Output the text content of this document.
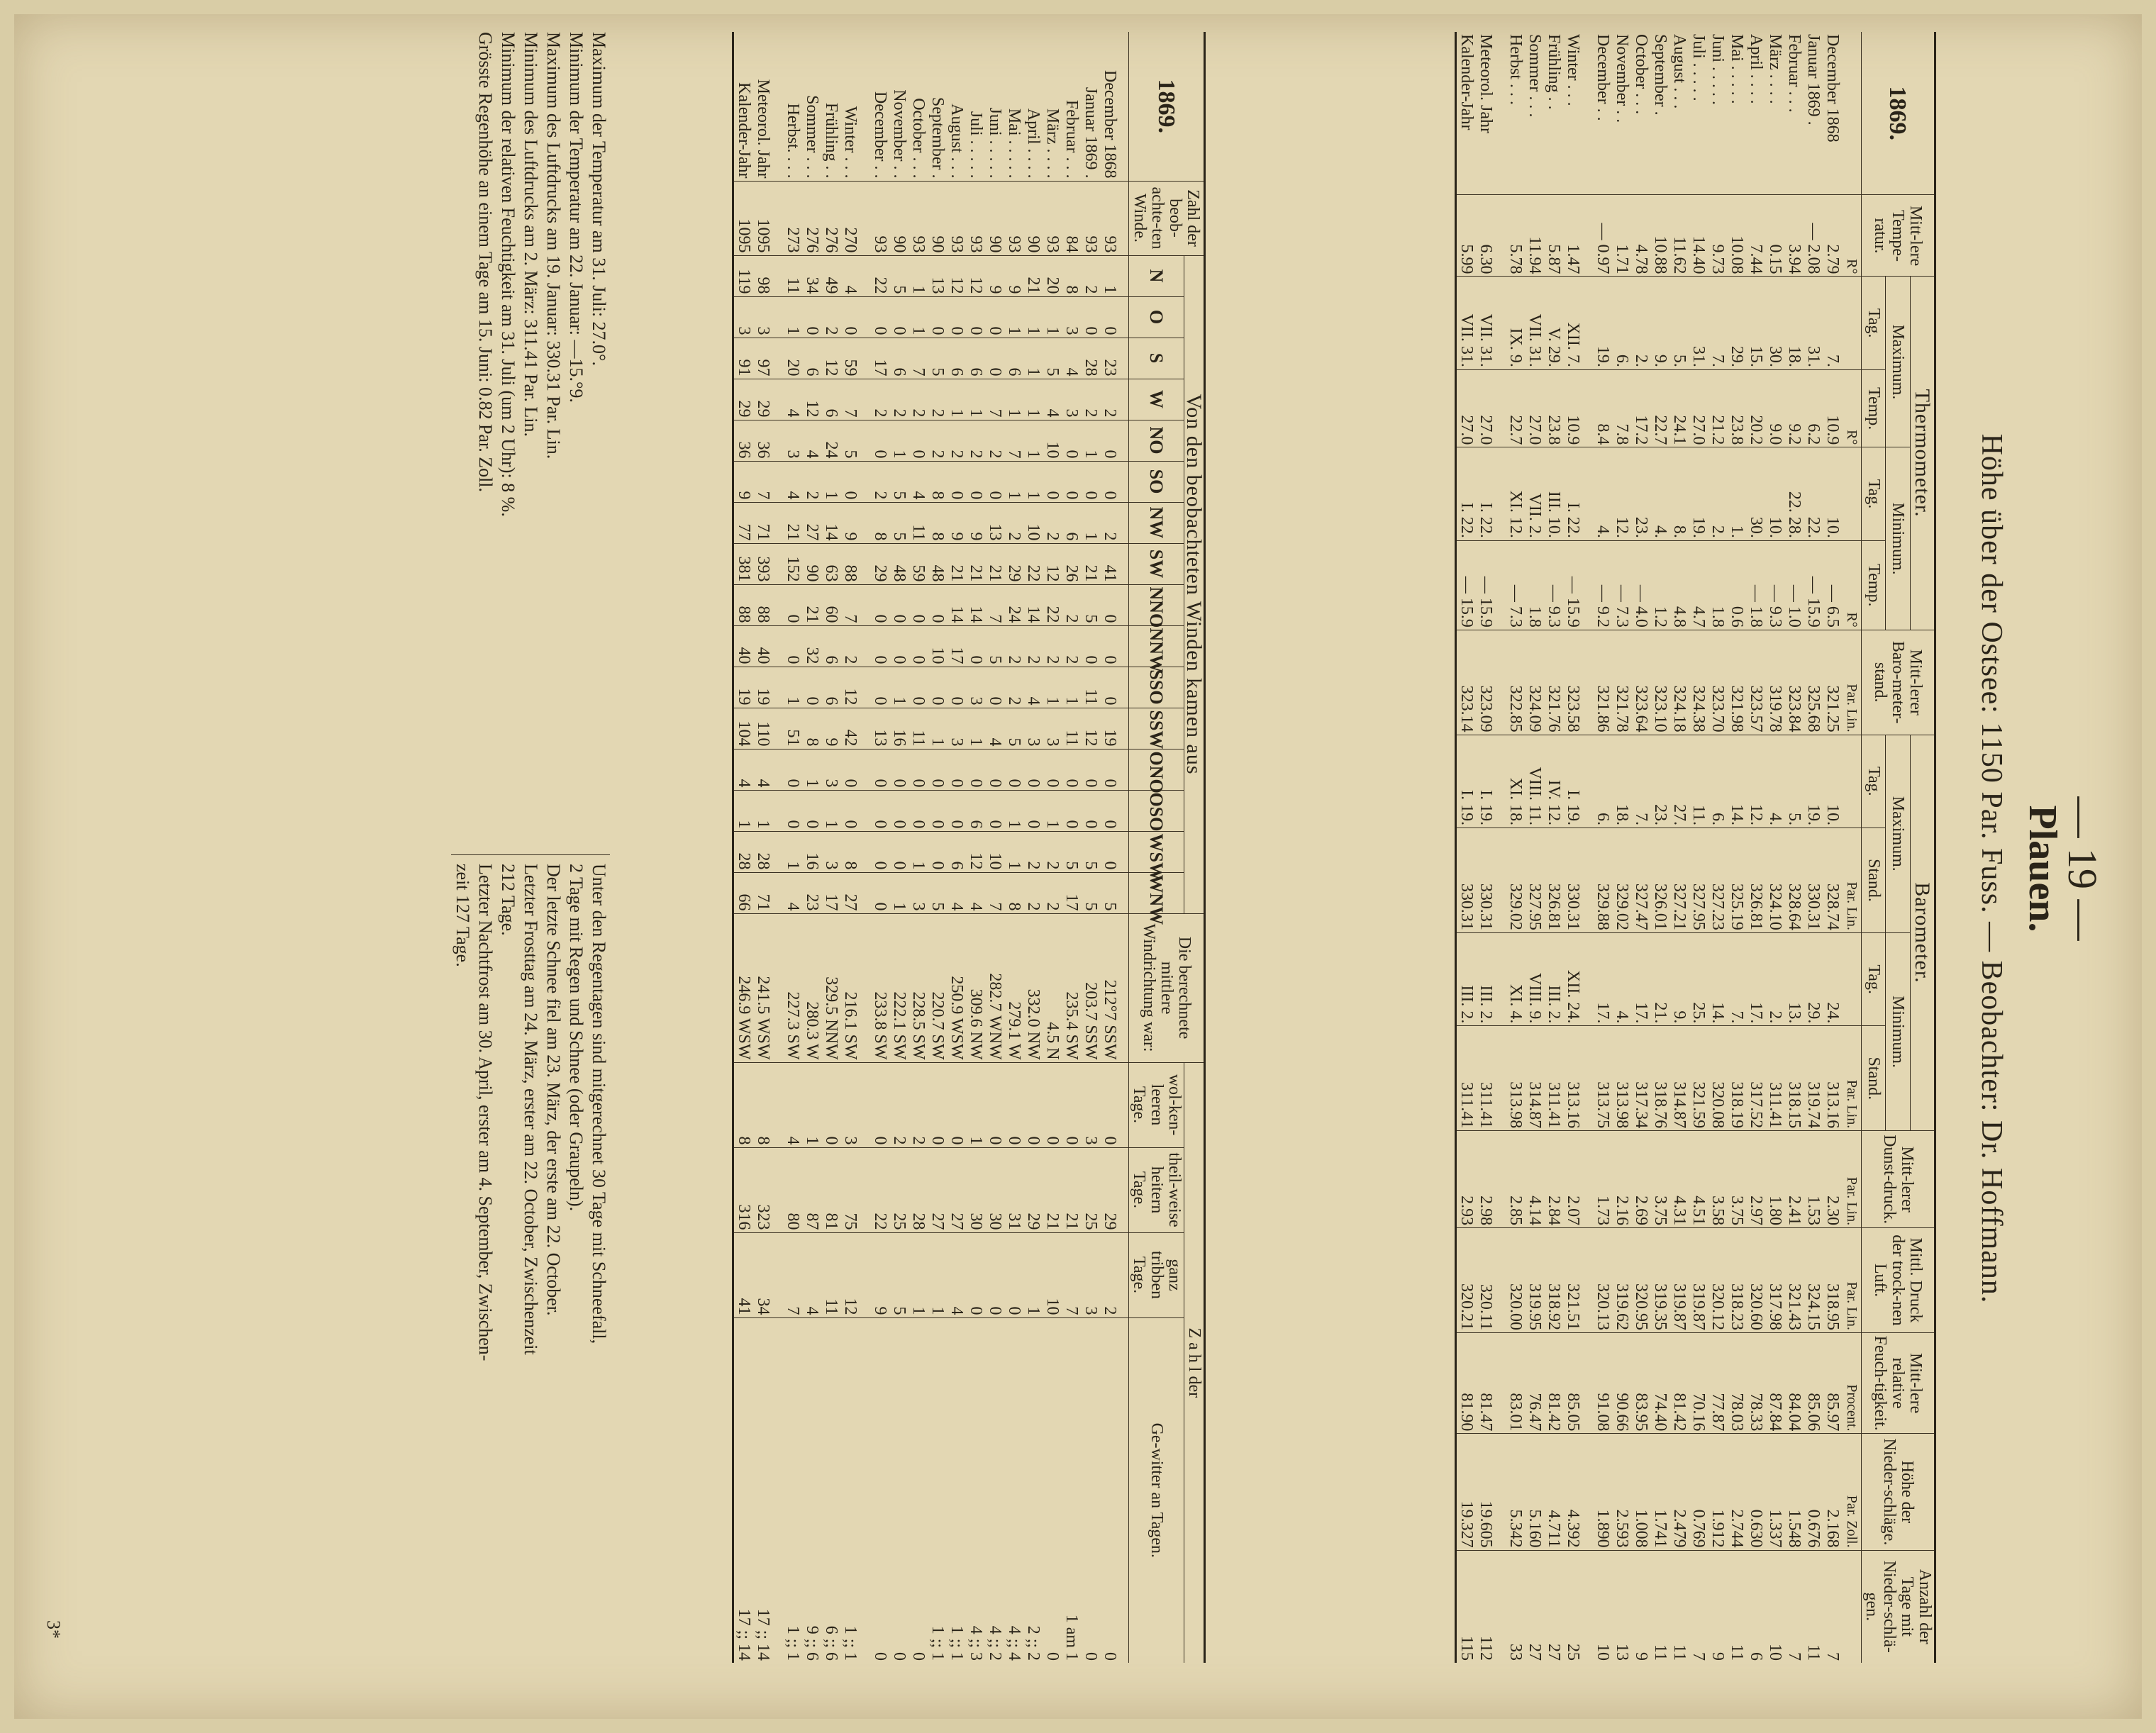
— 19 —
Plauen.
Höhe über der Ostsee: 1150 Par. Fuss. — Beobachter: Dr. Hoffmann.
1869.	Mitt-lere Tempe-ratur.	Thermometer.				Mitt-lerer Baro-meter-stand.	Barometer.				Mitt-lerer Dunst-druck.	Mittl. Druck der trock-nen Luft.	Mitt-lere relative Feuch-tigkeit.	Höhe der Nieder-schläge.	Anzahl der Tage mit Nieder-schlä-gen.
		Maximum.		Minimum.			Maximum.		Minimum.						
		Tag.	Temp.	Tag.	Temp.		Tag.	Stand.	Tag.	Stand.					
	R°		R°		R°	Par. Lin.		Par. Lin.		Par. Lin.	Par. Lin.	Par. Lin.	Procent.	Par. Zoll.	
December 1868	2.79	7.	10.9	10.	— 6.5	321.25	10.	328.74	24.	313.16	2.30	318.95	85.97	2.168	7
Januar 1869 .	— 2.08	31.	6.2	22.	— 15.9	325.68	19.	330.31	29.	319.74	1.53	324.15	85.06	0.676	11
Februar . . .	3.94	18.	9.2	22. 28.	— 1.0	323.84	5.	328.64	13.	318.15	2.41	321.43	84.04	1.548	7
März . . . .	0.15	30.	9.0	10.	— 9.3	319.78	4.	324.10	2.	311.41	1.80	317.98	87.84	1.337	10
April . . . .	7.44	15.	20.2	30.	— 1.8	323.57	12.	326.81	17.	317.52	2.97	320.60	78.33	0.630	6
Mai . . . . .	10.08	29.	23.8	1.	0.6	321.98	14.	325.19	7.	318.19	3.75	318.23	78.03	2.744	11
Juni . . . . .	9.73	7.	21.2	2.	1.8	323.70	6.	327.23	14.	320.08	3.58	320.12	77.87	1.912	9
Juli . . . . .	14.40	31.	27.0	19.	4.7	324.38	11.	327.95	25.	321.59	4.51	319.87	70.16	0.769	7
August . . .	11.62	5.	24.1	8.	4.8	324.18	27.	327.21	9.	314.87	4.31	319.87	81.42	2.479	11
September .	10.88	9.	22.7	4.	1.2	323.10	23.	326.01	21.	318.76	3.75	319.35	74.40	1.741	11
October . . .	4.78	2.	17.2	23.	— 4.0	323.64	7.	327.47	17.	317.34	2.69	320.95	83.95	1.008	9
November . .	1.71	6.	7.8	12.	— 7.3	321.78	18.	329.02	4.	313.98	2.16	319.62	90.66	2.593	13
December . .	— 0.97	19.	8.4	4.	— 9.2	321.86	6.	329.88	17.	313.75	1.73	320.13	91.08	1.890	10
Winter . . .	1.47	XII. 7.	10.9	I. 22.	— 15.9	323.58	I. 19.	330.31	XII. 24.	313.16	2.07	321.51	85.05	4.392	25
Frühling . .	5.87	V. 29.	23.8	III. 10.	— 9.3	321.76	IV. 12.	326.81	III. 2.	311.41	2.84	318.92	81.42	4.711	27
Sommer . . .	11.94	VII. 31.	27.0	VII. 2.	1.8	324.09	VIII. 11.	327.95	VIII. 9.	314.87	4.14	319.95	76.47	5.160	27
Herbst . . .	5.78	IX. 9.	22.7	XI. 12.	— 7.3	322.85	XI. 18.	329.02	XI. 4.	313.98	2.85	320.00	83.01	5.342	33
Meteorol. Jahr	6.30	VII. 31.	27.0	I. 22.	— 15.9	323.09	I. 19.	330.31	III. 2.	311.41	2.98	320.11	81.47	19.605	112
Kalender-Jahr	5.99	VII. 31.	27.0	I. 22.	— 15.9	323.14	I. 19.	330.31	III. 2.	311.41	2.93	320.21	81.90	19.327	115
1869.	Zahl der beob-achte-ten Winde.	Von den beobachteten Winden kamen aus																Die berechnete mittlere Windrichtung war:	Z a h l der			
		N	O	S	W	NO	SO	NW	SW	NNO	NNW	SSO	SSW	ONO	OSO	WSW	WNW		wol-ken-leeren Tage.	theil-weise heitern Tage.	ganz tribben Tage.	Ge-witter an Tagen.
December 1868	93	1	0	23	2	0	0	2	41	0	0	0	19	0	0	0	5	212°7 SSW	0	29	2	0
Januar 1869 .	93	2	0	28	2	1	0	1	21	5	0	11	12	0	0	5	5	203.7 SSW	3	25	3	0
Februar . . .	84	8	3	4	3	0	0	6	26	2	2	1	11	0	0	5	17	235.4 SW	0	21	7	1 am 1
März . . . .	93	20	1	5	4	10	0	2	12	22	2	1	3	0	1	2	2	4.5 N	0	21	10	0
April . . . .	90	21	1	1	1	1	1	10	22	14	2	4	3	0	0	2	2	332.0 NW	0	29	1	2 ;; 2
Mai . . . . .	93	9	1	6	1	7	1	2	29	24	2	2	5	0	1	1	8	279.1 W	0	31	0	4 ;; 4
Juni . . . . .	90	9	0	0	7	2	0	13	21	7	5	0	4	0	0	10	7	282.7 WNW	0	30	0	4 ;; 2
Juli . . . . .	93	12	0	6	1	2	0	9	21	14	0	3	1	0	6	12	4	309.6 NW	1	30	0	4 ;; 3
August . . .	93	12	0	6	1	2	0	9	21	14	17	0	3	0	0	6	4	250.9 WSW	0	27	4	1 ;; 1
September .	90	13	0	5	2	2	8	8	48	0	10	0	1	0	0	0	5	220.7 SW	0	27	1	1 ;; 1
October . . .	93	1	1	7	2	0	4	11	59	0	0	0	11	0	0	1	3	228.5 SW	2	28	1	0
November . .	90	5	0	6	2	1	5	5	48	0	0	1	16	0	0	0	1	222.1 SW	2	25	5	0
December . .	93	22	0	17	2	0	2	8	29	0	0	0	13	0	0	0	0	233.8 SW	0	22	9	0
Winter . . .	270	4	0	59	7	5	0	9	88	7	2	12	42	0	0	8	27	216.1 SW	3	75	12	1 ;; 1
Frühling . .	276	49	2	12	6	24	1	14	63	60	6	6	9	3	1	3	17	329.5 NNW	0	81	11	6 ;; 6
Sommer . . .	276	34	0	6	12	4	2	27	90	21	32	0	8	1	0	16	23	280.3 W	1	87	4	9 ;; 6
Herbst. . . .	273	11	1	20	4	3	4	21	152	0	0	1	51	0	0	1	4	227.3 SW	4	80	7	1 ;; 1
Meteorol. Jahr	1095	98	3	97	29	36	7	71	393	88	40	19	110	4	1	28	71	241.5 WSW	8	323	34	17 ;; 14
Kalender-Jahr	1095	119	3	91	29	36	9	77	381	88	40	19	104	4	1	28	66	246.9 WSW	8	316	41	17 ;; 14
Maximum der Temperatur am 31. Juli: 27.0°.
Minimum der Temperatur am 22. Januar: —15.°9.
Maximum des Luftdrucks am 19. Januar: 330.31 Par. Lin.
Minimum des Luftdrucks am 2. März: 311.41 Par. Lin.
Minimum der relativen Feuchtigkeit am 31. Juli (um 2 Uhr): 8 %.
Grösste Regenhöhe an einem Tage am 15. Juni: 0.82 Par. Zoll.
Unter den Regentagen sind mitgerechnet 30 Tage mit Schneefall,
2 Tage mit Regen und Schnee (oder Graupeln).
Der letzte Schnee fiel am 23. März, der erste am 22. October.
Letzter Frosttag am 24. März, erster am 22. October, Zwischenzeit
212 Tage.
Letzter Nachtfrost am 30. April, erster am 4. September, Zwischen-
zeit 127 Tage.
3*
